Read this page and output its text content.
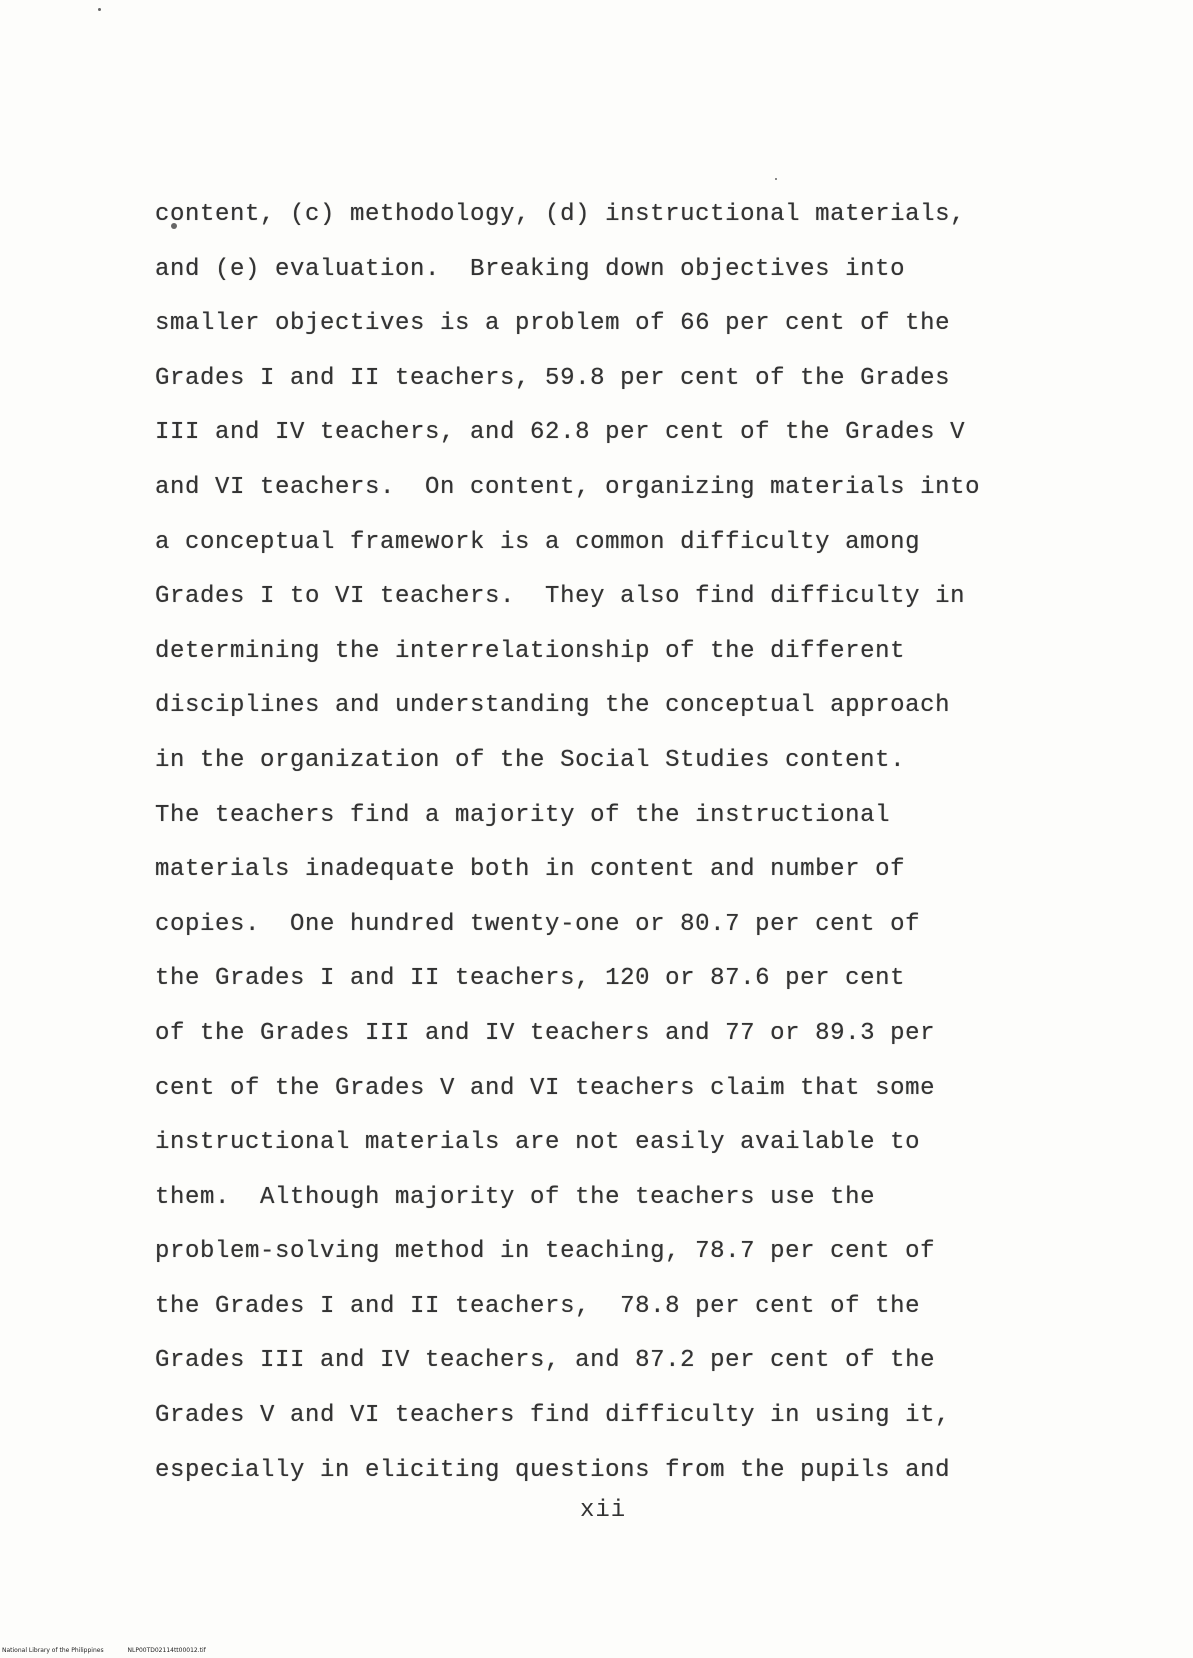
content, (c) methodology, (d) instructional materials,
and (e) evaluation.  Breaking down objectives into
smaller objectives is a problem of 66 per cent of the
Grades I and II teachers, 59.8 per cent of the Grades
III and IV teachers, and 62.8 per cent of the Grades V
and VI teachers.  On content, organizing materials into
a conceptual framework is a common difficulty among
Grades I to VI teachers.  They also find difficulty in
determining the interrelationship of the different
disciplines and understanding the conceptual approach
in the organization of the Social Studies content.
The teachers find a majority of the instructional
materials inadequate both in content and number of
copies.  One hundred twenty-one or 80.7 per cent of
the Grades I and II teachers, 120 or 87.6 per cent
of the Grades III and IV teachers and 77 or 89.3 per
cent of the Grades V and VI teachers claim that some
instructional materials are not easily available to
them.  Although majority of the teachers use the
problem-solving method in teaching, 78.7 per cent of
the Grades I and II teachers,  78.8 per cent of the
Grades III and IV teachers, and 87.2 per cent of the
Grades V and VI teachers find difficulty in using it,
especially in eliciting questions from the pupils and
xii
National Library of the Philippines	NLP00TD02114tt00012.tif
